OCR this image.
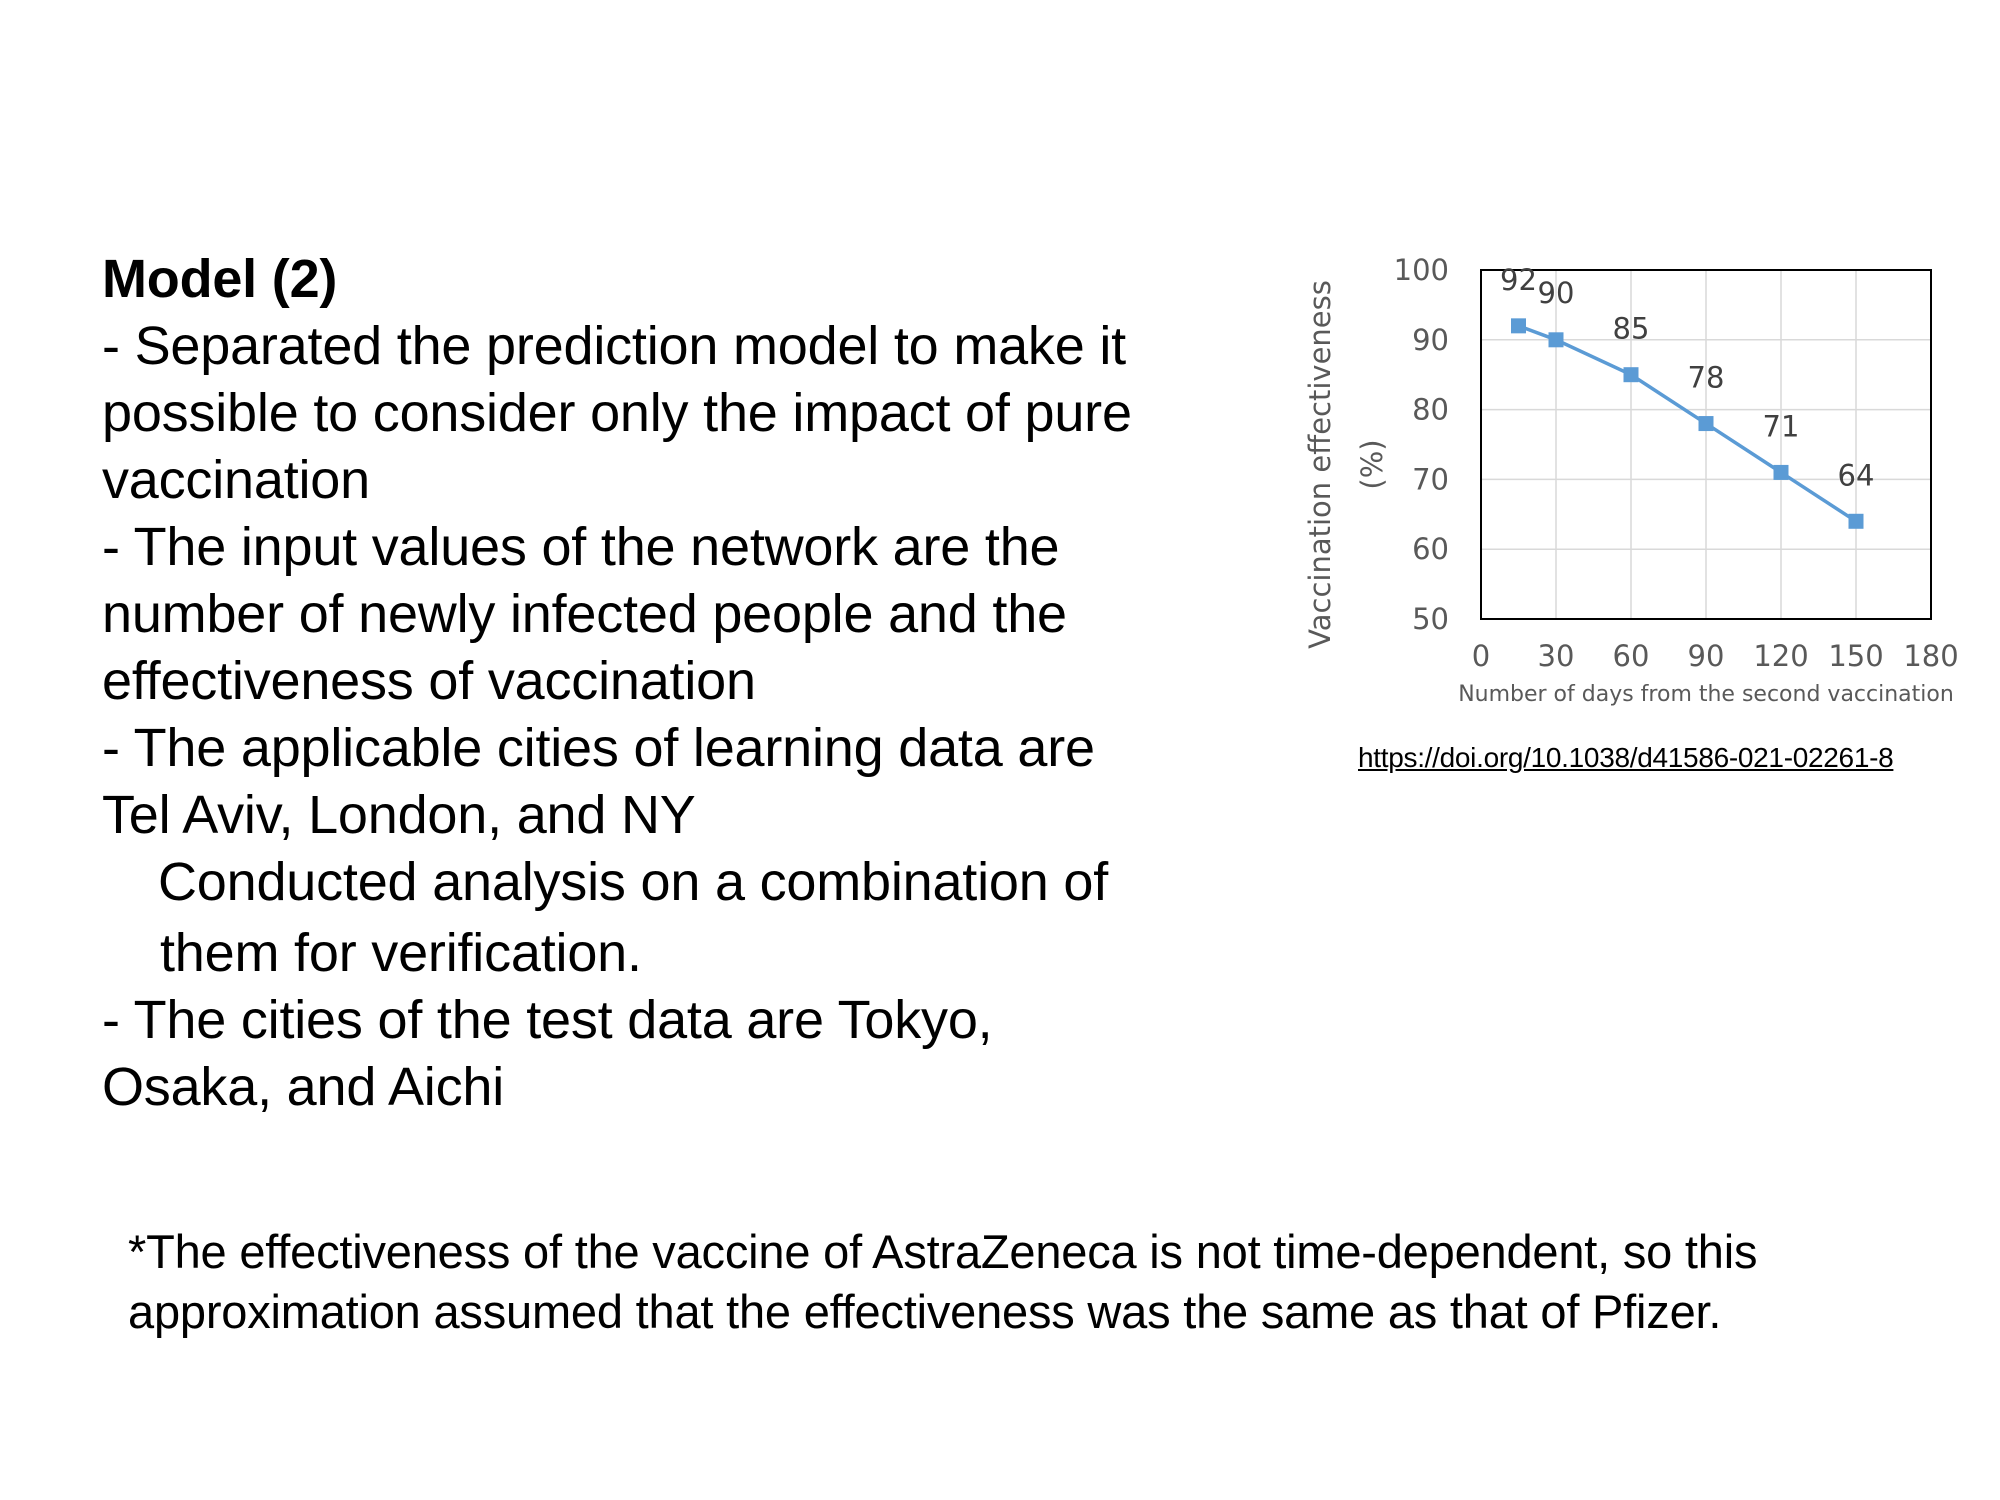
Model (2)
- Separated the prediction model to make it
possible to consider only the impact of pure
vaccination
- The input values of the network are the
number of newly infected people and the
effectiveness of vaccination
- The applicable cities of learning data are
Tel Aviv, London, and NY
Conducted analysis on a combination of
them for verification.
- The cities of the test data are Tokyo,
Osaka, and Aichi
50
60
70
80
90
100
0 30 60 90 120 150 180
Number of days from the second vaccination
Vaccination effectiveness (%)
92 90
85
78
71
64
https://doi.org/10.1038/d41586-021-02261-8
*The effectiveness of the vaccine of AstraZeneca is not time-dependent, so this
approximation assumed that the effectiveness was the same as that of Pfizer.
